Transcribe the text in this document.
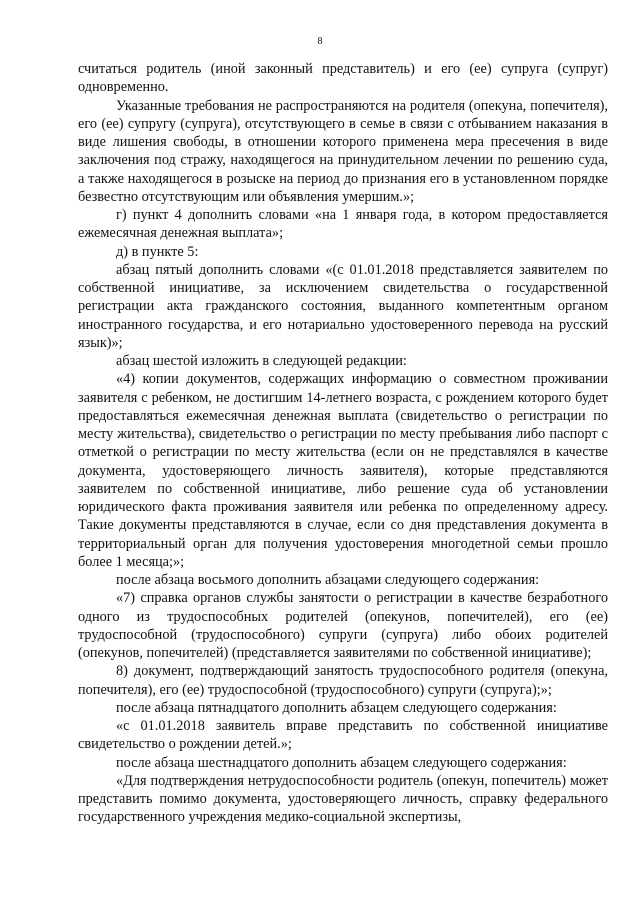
8

считаться родитель (иной законный представитель) и его (ее) супруга (супруг) одновременно.

Указанные требования не распространяются на родителя (опекуна, попечителя), его (ее) супругу (супруга), отсутствующего в семье в связи с отбыванием наказания в виде лишения свободы, в отношении которого применена мера пресечения в виде заключения под стражу, находящегося на принудительном лечении по решению суда, а также находящегося в розыске на период до признания его в установленном порядке безвестно отсутствующим или объявления умершим.»;

г) пункт 4 дополнить словами «на 1 января года, в котором предоставляется ежемесячная денежная выплата»;

д) в пункте 5:

абзац пятый дополнить словами «(с 01.01.2018 представляется заявителем по собственной инициативе, за исключением свидетельства о государственной регистрации акта гражданского состояния, выданного компетентным органом иностранного государства, и его нотариально удостоверенного перевода на русский язык)»;

абзац шестой изложить в следующей редакции:

«4) копии документов, содержащих информацию о совместном проживании заявителя с ребенком, не достигшим 14-летнего возраста, с рождением которого будет предоставляться ежемесячная денежная выплата (свидетельство о регистрации по месту жительства), свидетельство о регистрации по месту пребывания либо паспорт с отметкой о регистрации по месту жительства (если он не представлялся в качестве документа, удостоверяющего личность заявителя), которые представляются заявителем по собственной инициативе, либо решение суда об установлении юридического факта проживания заявителя или ребенка по определенному адресу. Такие документы представляются в случае, если со дня представления документа в территориальный орган для получения удостоверения многодетной семьи прошло более 1 месяца;»;

после абзаца восьмого дополнить абзацами следующего содержания:

«7) справка органов службы занятости о регистрации в качестве безработного одного из трудоспособных родителей (опекунов, попечителей), его (ее) трудоспособной (трудоспособного) супруги (супруга) либо обоих родителей (опекунов, попечителей) (представляется заявителями по собственной инициативе);

8) документ, подтверждающий занятость трудоспособного родителя (опекуна, попечителя), его (ее) трудоспособной (трудоспособного) супруги (супруга);»;

после абзаца пятнадцатого дополнить абзацем следующего содержания:

«с 01.01.2018 заявитель вправе представить по собственной инициативе свидетельство о рождении детей.»;

после абзаца шестнадцатого дополнить абзацем следующего содержания:

«Для подтверждения нетрудоспособности родитель (опекун, попечитель) может представить помимо документа, удостоверяющего личность, справку федерального государственного учреждения медико-социальной экспертизы,
